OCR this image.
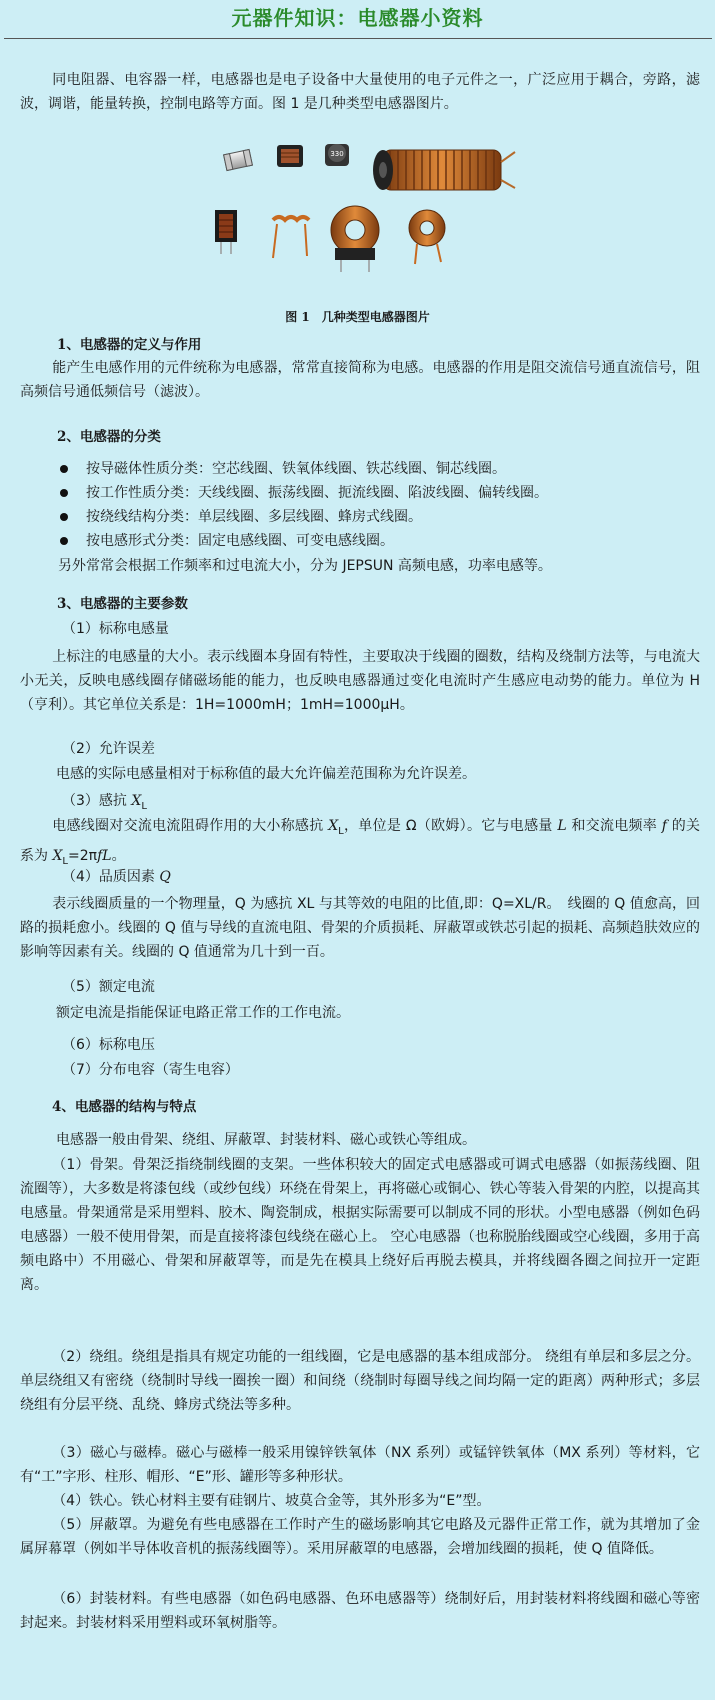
元器件知识：电感器小资料
同电阻器、电容器一样，电感器也是电子设备中大量使用的电子元件之一，广泛应用于耦合，旁路，滤波，调谐，能量转换，控制电路等方面。图 1 是几种类型电感器图片。
330
图 1　几种类型电感器图片
1、电感器的定义与作用
能产生电感作用的元件统称为电感器，常常直接简称为电感。电感器的作用是阻交流信号通直流信号，阻高频信号通低频信号（滤波）。
2、电感器的分类
按导磁体性质分类：空芯线圈、铁氧体线圈、铁芯线圈、铜芯线圈。
按工作性质分类：天线线圈、振荡线圈、扼流线圈、陷波线圈、偏转线圈。
按绕线结构分类：单层线圈、多层线圈、蜂房式线圈。
按电感形式分类：固定电感线圈、可变电感线圈。
另外常常会根据工作频率和过电流大小，分为 JEPSUN 高频电感，功率电感等。
3、电感器的主要参数
（1）标称电感量
上标注的电感量的大小。表示线圈本身固有特性，主要取决于线圈的圈数，结构及绕制方法等，与电流大小无关，反映电感线圈存储磁场能的能力，也反映电感器通过变化电流时产生感应电动势的能力。单位为 H（亨利）。其它单位关系是：1H=1000mH；1mH=1000μH。
（2）允许误差
电感的实际电感量相对于标称值的最大允许偏差范围称为允许误差。
（3）感抗 $X_L$
电感线圈对交流电流阻碍作用的大小称感抗 $X_L$，单位是 Ω（欧姆）。它与电感量 L 和交流电频率 f 的关系为 $X_L=2\pi fL$。
（4）品质因素 Q
表示线圈质量的一个物理量，Q 为感抗 XL 与其等效的电阻的比值,即：Q=XL/R。　线圈的 Q 值愈高，回路的损耗愈小。线圈的 Q 值与导线的直流电阻、骨架的介质损耗、屏蔽罩或铁芯引起的损耗、高频趋肤效应的影响等因素有关。线圈的 Q 值通常为几十到一百。
（5）额定电流
额定电流是指能保证电路正常工作的工作电流。
（6）标称电压
（7）分布电容（寄生电容）
4、电感器的结构与特点
电感器一般由骨架、绕组、屏蔽罩、封装材料、磁心或铁心等组成。
（1）骨架。骨架泛指绕制线圈的支架。一些体积较大的固定式电感器或可调式电感器（如振荡线圈、阻流圈等），大多数是将漆包线（或纱包线）环绕在骨架上，再将磁心或铜心、铁心等装入骨架的内腔，以提高其电感量。骨架通常是采用塑料、胶木、陶瓷制成，根据实际需要可以制成不同的形状。小型电感器（例如色码电感器）一般不使用骨架，而是直接将漆包线绕在磁心上。 空心电感器（也称脱胎线圈或空心线圈，多用于高频电路中）不用磁心、骨架和屏蔽罩等，而是先在模具上绕好后再脱去模具，并将线圈各圈之间拉开一定距离。
（2）绕组。绕组是指具有规定功能的一组线圈，它是电感器的基本组成部分。 绕组有单层和多层之分。单层绕组又有密绕（绕制时导线一圈挨一圈）和间绕（绕制时每圈导线之间均隔一定的距离）两种形式；多层绕组有分层平绕、乱绕、蜂房式绕法等多种。
（3）磁心与磁棒。磁心与磁棒一般采用镍锌铁氧体（NX 系列）或锰锌铁氧体（MX 系列）等材料，它有“工”字形、柱形、帽形、“E”形、罐形等多种形状。
（4）铁心。铁心材料主要有硅钢片、坡莫合金等，其外形多为“E”型。
（5）屏蔽罩。为避免有些电感器在工作时产生的磁场影响其它电路及元器件正常工作，就为其增加了金属屏幕罩（例如半导体收音机的振荡线圈等）。采用屏蔽罩的电感器，会增加线圈的损耗，使 Q 值降低。
（6）封装材料。有些电感器（如色码电感器、色环电感器等）绕制好后，用封装材料将线圈和磁心等密封起来。封装材料采用塑料或环氧树脂等。
